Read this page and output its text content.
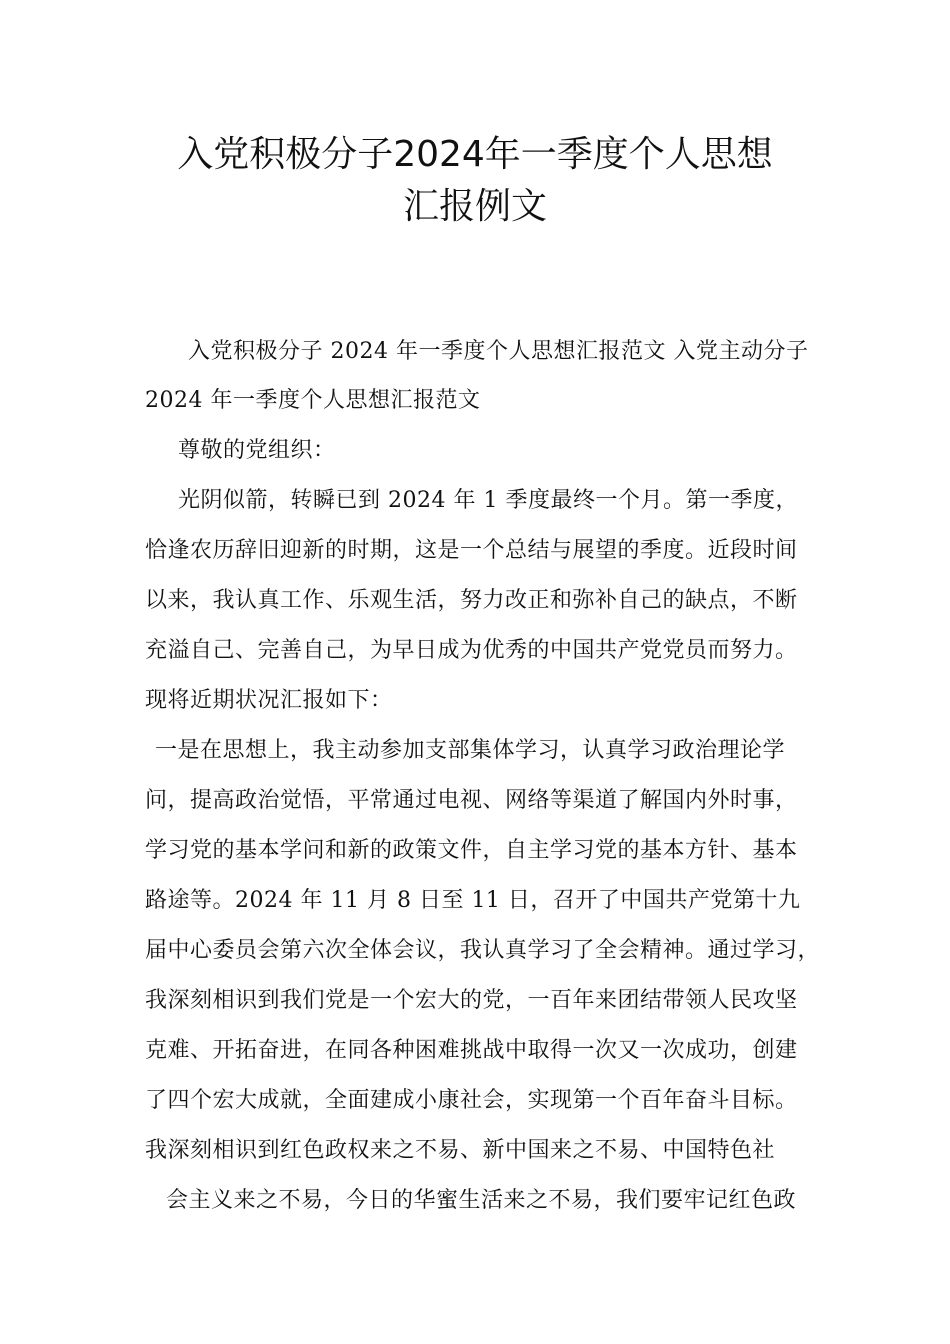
入党积极分子2024年一季度个人思想
汇报例文
入党积极分子 2024 年一季度个人思想汇报范文 入党主动分子
2024 年一季度个人思想汇报范文
尊敬的党组织：
光阴似箭，转瞬已到 2024 年 1 季度最终一个月。第一季度，
恰逢农历辞旧迎新的时期，这是一个总结与展望的季度。近段时间
以来，我认真工作、乐观生活，努力改正和弥补自己的缺点，不断
充溢自己、完善自己，为早日成为优秀的中国共产党党员而努力。
现将近期状况汇报如下：
一是在思想上，我主动参加支部集体学习，认真学习政治理论学
问，提高政治觉悟，平常通过电视、网络等渠道了解国内外时事，
学习党的基本学问和新的政策文件，自主学习党的基本方针、基本
路途等。2024 年 11 月 8 日至 11 日，召开了中国共产党第十九
届中心委员会第六次全体会议，我认真学习了全会精神。通过学习，
我深刻相识到我们党是一个宏大的党，一百年来团结带领人民攻坚
克难、开拓奋进，在同各种困难挑战中取得一次又一次成功，创建
了四个宏大成就，全面建成小康社会，实现第一个百年奋斗目标。
我深刻相识到红色政权来之不易、新中国来之不易、中国特色社
会主义来之不易，今日的华蜜生活来之不易，我们要牢记红色政
